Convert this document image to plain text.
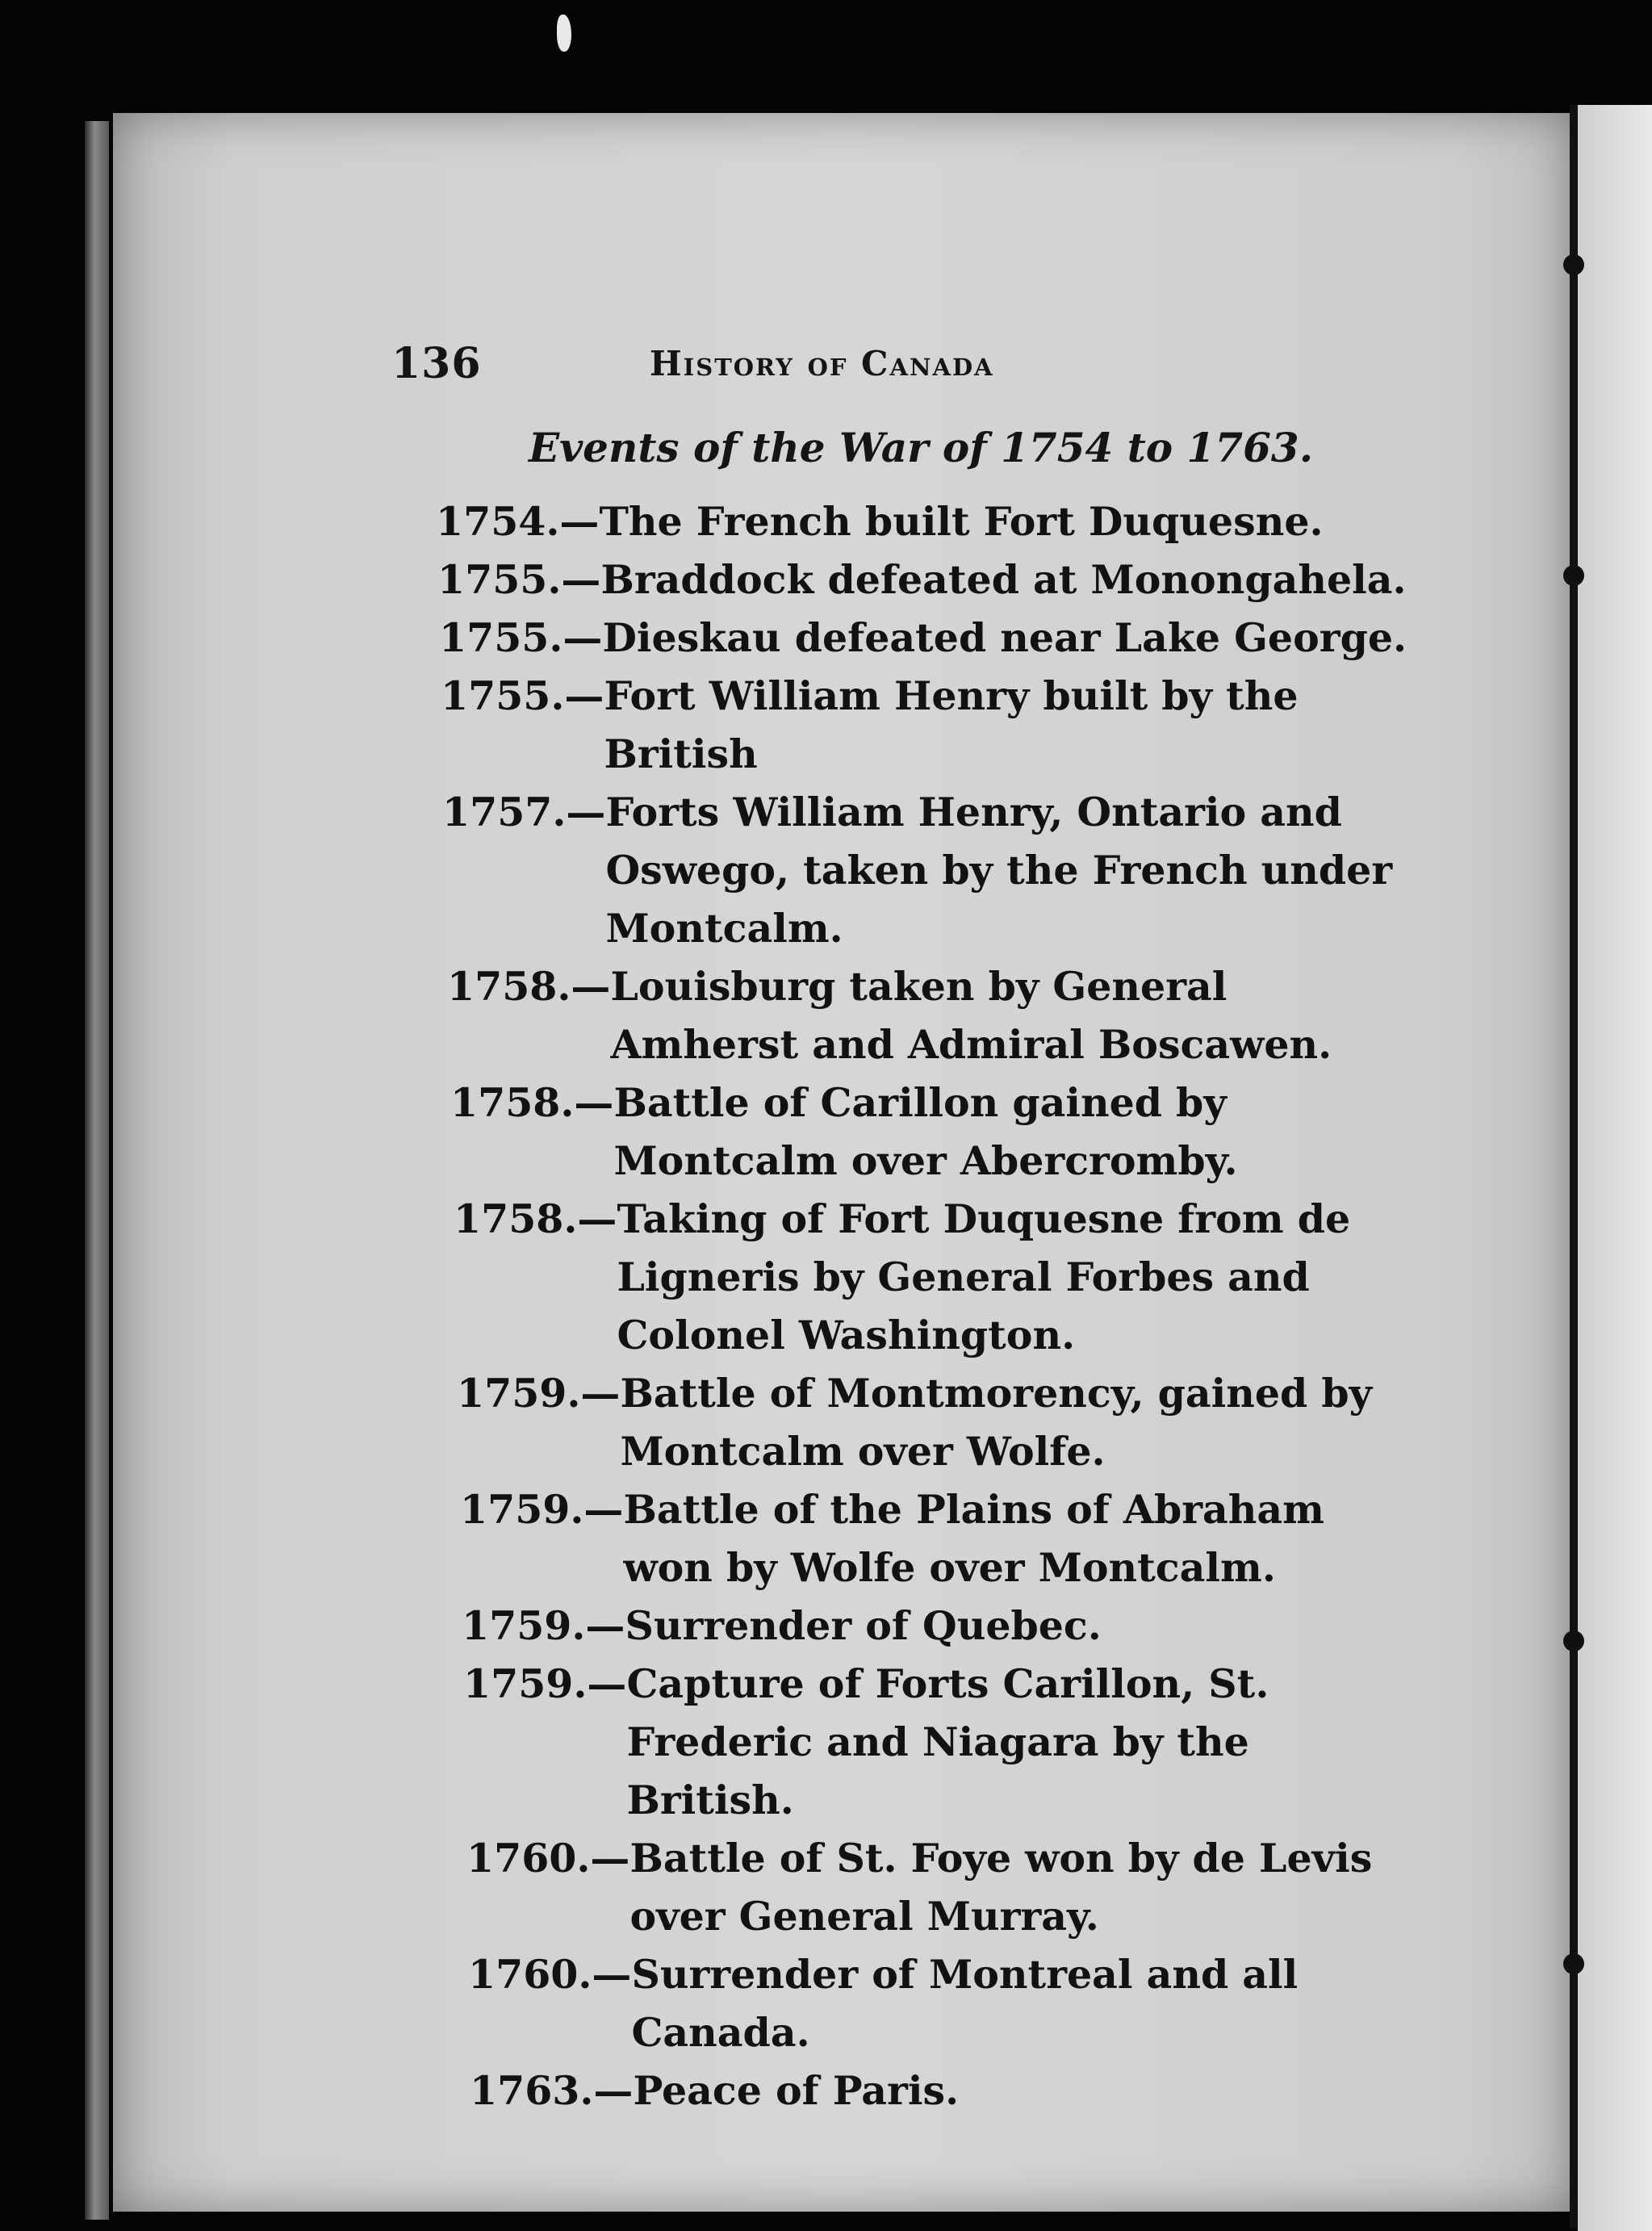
136	History of Canada
Events of the War of 1754 to 1763.
1754.— The French built Fort Duquesne.
1755.— Braddock defeated at Monongahela.
1755.— Dieskau defeated near Lake George.
1755.— Fort William Henry built by the British
1757.— Forts William Henry, Ontario and Oswego, taken by the French under Montcalm.
1758.— Louisburg taken by General Amherst and Admiral Boscawen.
1758.— Battle of Carillon gained by Montcalm over Abercromby.
1758.— Taking of Fort Duquesne from de Ligneris by General Forbes and Colonel Washington.
1759.— Battle of Montmorency, gained by Montcalm over Wolfe.
1759.— Battle of the Plains of Abraham won by Wolfe over Montcalm.
1759.— Surrender of Quebec.
1759.— Capture of Forts Carillon, St. Frederic and Niagara by the British.
1760.— Battle of St. Foye won by de Levis over General Murray.
1760.— Surrender of Montreal and all Canada.
1763.— Peace of Paris.
